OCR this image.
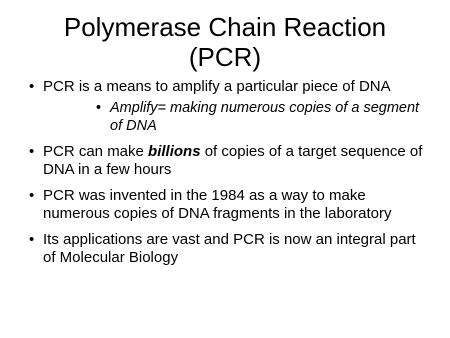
Polymerase Chain Reaction
(PCR)
• PCR is a means to amplify a particular piece of DNA
• Amplify= making numerous copies of a segment of DNA
• PCR can make billions of copies of a target sequence of DNA in a few hours
• PCR was invented in the 1984 as a way to make numerous copies of DNA fragments in the laboratory
• Its applications are vast and PCR is now an integral part of Molecular Biology
